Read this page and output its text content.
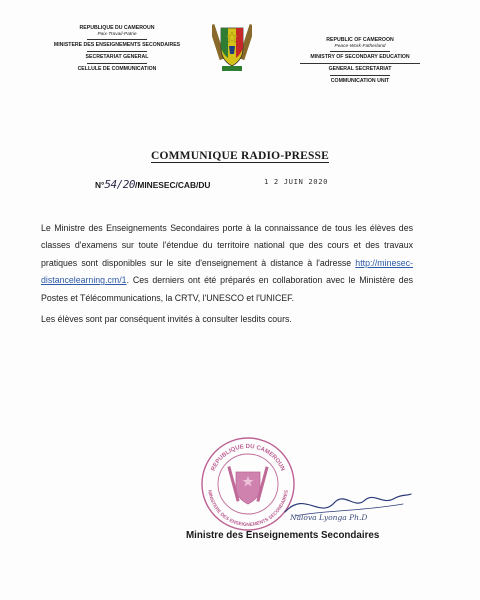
REPUBLIQUE DU CAMEROUN
Paix-Travail-Patrie
MINISTERE DES ENSEIGNEMENTS SECONDAIRES
SECRETARIAT GENERAL
CELLULE DE COMMUNICATION
REPUBLIC OF CAMEROON
Peace-Work-Fatherland
MINISTRY OF SECONDARY EDUCATION
GENERAL SECRETARIAT
COMMUNICATION UNIT
COMMUNIQUE RADIO-PRESSE
N°54/20/MINESEC/CAB/DU	1 2 JUIN 2020

Le Ministre des Enseignements Secondaires porte à la connaissance de tous les élèves des classes d'examens sur toute l'étendue du territoire national que des cours et des travaux pratiques sont disponibles sur le site d'enseignement à distance à l'adresse http://minesec-distancelearning.cm/1. Ces derniers ont été préparés en collaboration avec le Ministère des Postes et Télécommunications, la CRTV, l'UNESCO et l'UNICEF.

Les élèves sont par conséquent invités à consulter lesdits cours.

REPUBLIQUE DU CAMEROUN
MINISTERE DES ENSEIGNEMENTS SECONDAIRES
Nalova Lyonga Ph.D
Ministre des Enseignements Secondaires
